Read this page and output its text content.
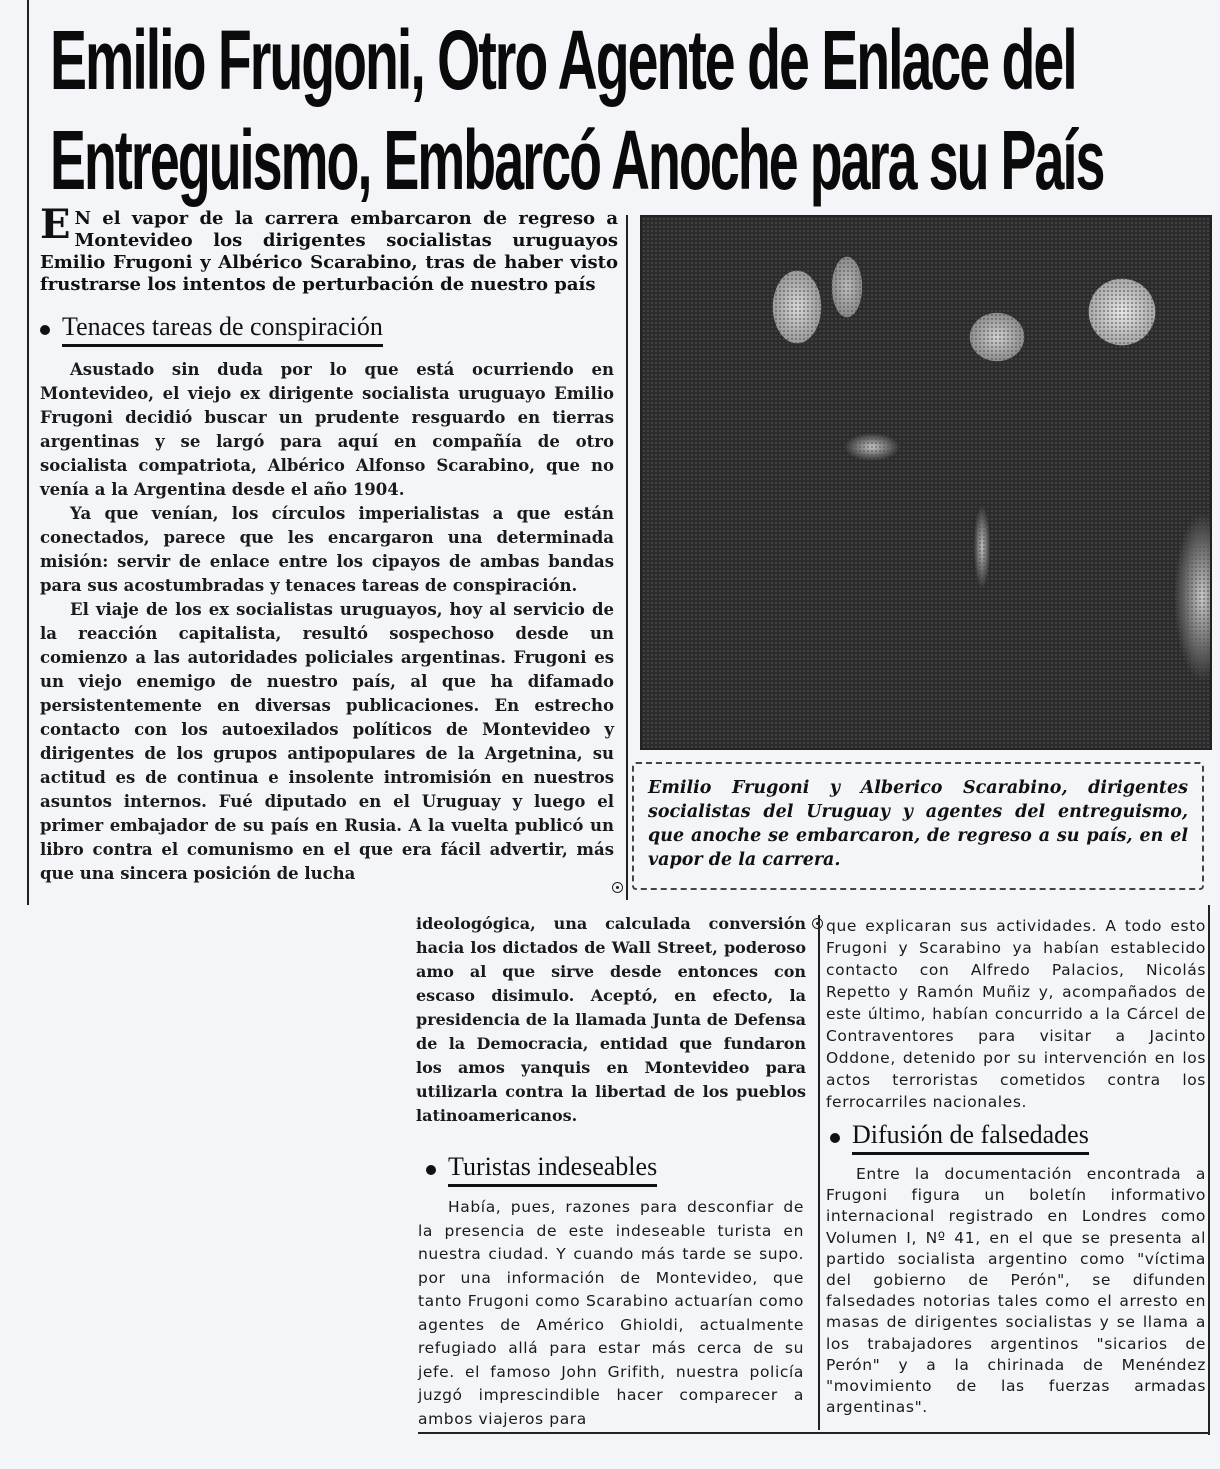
Emilio Frugoni, Otro Agente de Enlace del
Entreguismo, Embarcó Anoche para su País
E N el vapor de la carrera embarcaron de regreso a Montevideo los dirigentes socialistas uruguayos Emilio Frugoni y Albérico Scarabino, tras de haber visto frustrarse los intentos de perturbación de nuestro país
Tenaces tareas de conspiración

Asustado sin duda por lo que está ocurriendo en Montevideo, el viejo ex dirigente socialista uruguayo Emilio Frugoni decidió buscar un prudente resguardo en tierras argentinas y se largó para aquí en compañía de otro socialista compatriota, Albérico Alfonso Scarabino, que no venía a la Argentina desde el año 1904.

Ya que venían, los círculos imperialistas a que están conectados, parece que les encargaron una determinada misión: servir de enlace entre los cipayos de ambas bandas para sus acostumbradas y tenaces tareas de conspiración.

El viaje de los ex socialistas uruguayos, hoy al servicio de la reacción capitalista, resultó sospechoso desde un comienzo a las autoridades policiales argentinas. Frugoni es un viejo enemigo de nuestro país, al que ha difamado persistentemente en diversas publicaciones. En estrecho contacto con los autoexilados políticos de Montevideo y dirigentes de los grupos antipopulares de la Argetnina, su actitud es de continua e insolente intromisión en nuestros asuntos internos. Fué diputado en el Uruguay y luego el primer embajador de su país en Rusia. A la vuelta publicó un libro contra el comunismo en el que era fácil advertir, más que una sincera posición de lucha

Emilio Frugoni y Alberico Scarabino, dirigentes socialistas del Uruguay y agentes del entreguismo, que anoche se embarcaron, de regreso a su país, en el vapor de la carrera.

ideologógica, una calculada conversión hacia los dictados de Wall Street, poderoso amo al que sirve desde entonces con escaso disimulo. Aceptó, en efecto, la presidencia de la llamada Junta de Defensa de la Democracia, entidad que fundaron los amos yanquis en Montevideo para utilizarla contra la libertad de los pueblos latinoamericanos.

Turistas indeseables

Había, pues, razones para desconfiar de la presencia de este indeseable turista en nuestra ciudad. Y cuando más tarde se supo. por una información de Montevideo, que tanto Frugoni como Scarabino actuarían como agentes de Américo Ghioldi, actualmente refugiado allá para estar más cerca de su jefe. el famoso John Grifith, nuestra policía juzgó imprescindible hacer comparecer a ambos viajeros para

que explicaran sus actividades. A todo esto Frugoni y Scarabino ya habían establecido contacto con Alfredo Palacios, Nicolás Repetto y Ramón Muñiz y, acompañados de este último, habían concurrido a la Cárcel de Contraventores para visitar a Jacinto Oddone, detenido por su intervención en los actos terroristas cometidos contra los ferrocarriles nacionales.

Difusión de falsedades

Entre la documentación encontrada a Frugoni figura un boletín informativo internacional registrado en Londres como Volumen I, Nº 41, en el que se presenta al partido socialista argentino como "víctima del gobierno de Perón", se difunden falsedades notorias tales como el arresto en masas de dirigentes socialistas y se llama a los trabajadores argentinos "sicarios de Perón" y a la chirinada de Menéndez "movimiento de las fuerzas armadas argentinas".
